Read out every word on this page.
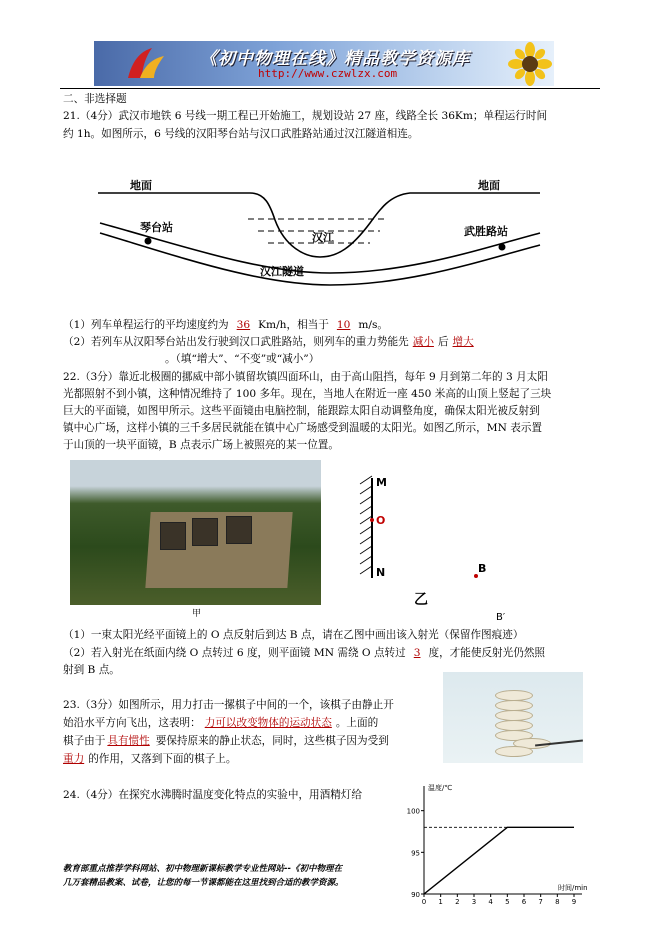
《初中物理在线》精品教学资源库
http://www.czwlzx.com
二、非选择题
21.（4分）武汉市地铁 6 号线一期工程已开始施工，规划设站 27 座，线路全长 36Km；单程运行时间
约 1h。如图所示，6 号线的汉阳琴台站与汉口武胜路站通过汉江隧道相连。
地面	地面
琴台站	武胜路站
汉江
汉江隧道
（1）列车单程运行的平均速度约为 36 Km/h，相当于 10 m/s。
（2）若列车从汉阳琴台站出发行驶到汉口武胜路站，则列车的重力势能先 减小 后 增大
。（填“增大”、“不变”或“减小”）
22.（3分）靠近北极圈的挪威中部小镇留坎镇四面环山，由于高山阻挡，每年 9 月到第二年的 3 月太阳
光都照射不到小镇，这种情况维持了 100 多年。现在，当地人在附近一座 450 米高的山顶上竖起了三块
巨大的平面镜，如图甲所示。这些平面镜由电脑控制，能跟踪太阳自动调整角度，确保太阳光被反射到
镇中心广场，这样小镇的三千多居民就能在镇中心广场感受到温暖的太阳光。如图乙所示，MN 表示置
于山顶的一块平面镜，B 点表示广场上被照亮的某一位置。
甲
M
O
N	B
乙
B′
（1）一束太阳光经平面镜上的 O 点反射后到达 B 点，请在乙图中画出该入射光（保留作图痕迹）
（2）若入射光在纸面内绕 O 点转过 6 度，则平面镜 MN 需绕 O 点转过 3 度，才能使反射光仍然照
射到 B 点。
23.（3分）如图所示，用力打击一摞棋子中间的一个，该棋子由静止开
始沿水平方向飞出，这表明： 力可以改变物体的运动状态 。上面的
棋子由于 具有惯性 要保持原来的静止状态，同时，这些棋子因为受到
重力 的作用，又落到下面的棋子上。
24.（4分）在探究水沸腾时温度变化特点的实验中，用酒精灯给
100
95
90
0 1 2 3 4 5 6 7 8 9
温度/℃
时间/min
教育部重点推荐学科网站、初中物理新课标教学专业性网站--《初中物理在
几万套精品教案、试卷，让您的每一节课都能在这里找到合适的教学资源。
